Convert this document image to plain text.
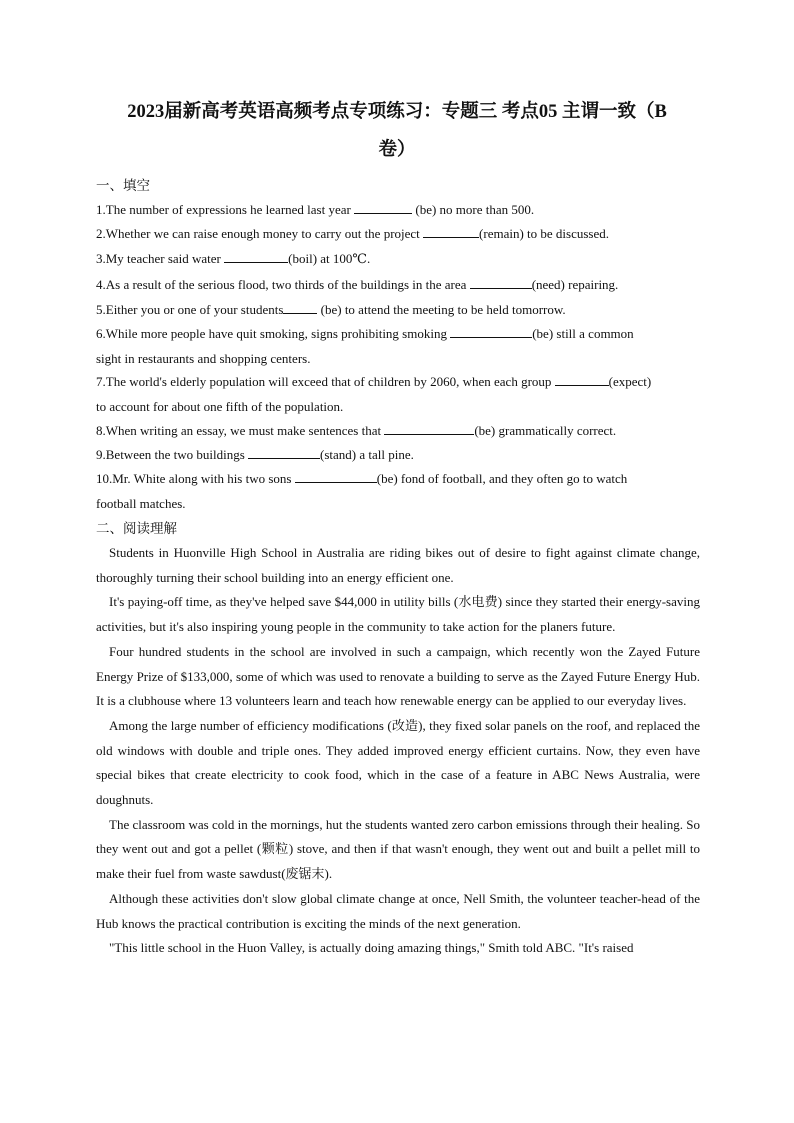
2023届新高考英语高频考点专项练习：专题三 考点05 主谓一致（B
卷）
一、填空
1.The number of expressions he learned last year	(be) no more than 500.
2.Whether we can raise enough money to carry out the project	(remain) to be discussed.
3.My teacher said water	(boil) at 100℃.
4.As a result of the serious flood, two thirds of the buildings in the area	(need) repairing.
5.Either you or one of your students	(be) to attend the meeting to be held tomorrow.
6.While more people have quit smoking, signs prohibiting smoking	(be) still a common
sight in restaurants and shopping centers.
7.The world's elderly population will exceed that of children by 2060, when each group	(expect)
to account for about one fifth of the population.
8.When writing an essay, we must make sentences that	(be) grammatically correct.
9.Between the two buildings	(stand) a tall pine.
10.Mr. White along with his two sons	(be) fond of football, and they often go to watch
football matches.
二、阅读理解

Students in Huonville High School in Australia are riding bikes out of desire to fight against climate change, thoroughly turning their school building into an energy efficient one.

It's paying-off time, as they've helped save $44,000 in utility bills (水电费) since they started their energy-saving activities, but it's also inspiring young people in the community to take action for the planers future.

Four hundred students in the school are involved in such a campaign, which recently won the Zayed Future Energy Prize of $133,000, some of which was used to renovate a building to serve as the Zayed Future Energy Hub. It is a clubhouse where 13 volunteers learn and teach how renewable energy can be applied to our everyday lives.

Among the large number of efficiency modifications (改造), they fixed solar panels on the roof, and replaced the old windows with double and triple ones. They added improved energy efficient curtains. Now, they even have special bikes that create electricity to cook food, which in the case of a feature in ABC News Australia, were doughnuts.

The classroom was cold in the mornings, hut the students wanted zero carbon emissions through their healing. So they went out and got a pellet (颗粒) stove, and then if that wasn't enough, they went out and built a pellet mill to make their fuel from waste sawdust(废锯末).

Although these activities don't slow global climate change at once, Nell Smith, the volunteer teacher-head of the Hub knows the practical contribution is exciting the minds of the next generation.

"This little school in the Huon Valley, is actually doing amazing things," Smith told ABC. "It's raised
